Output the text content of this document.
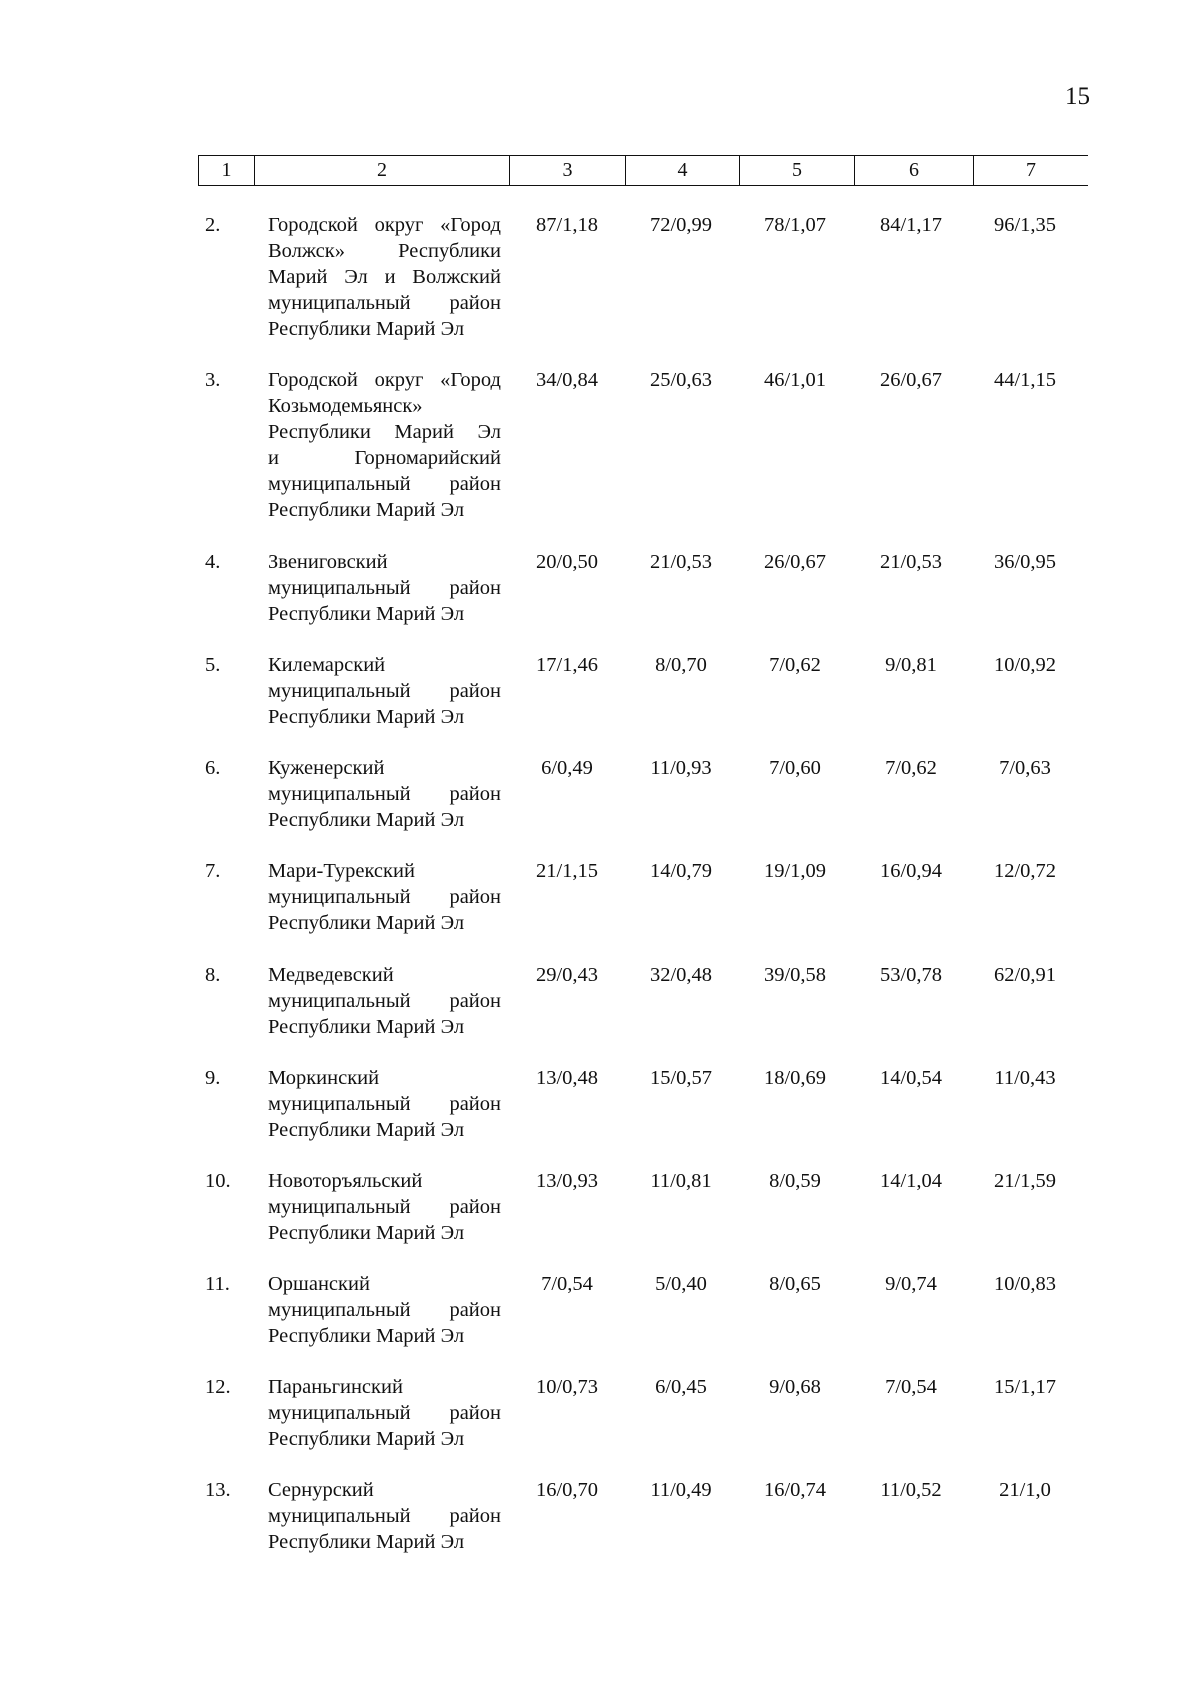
15
1	2	3	4	5	6	7
2.	Городской округ «Город
Волжск» Республики
Марий Эл и Волжский
муниципальный район
Республики Марий Эл
87/1,18	72/0,99	78/1,07	84/1,17	96/1,35
3.	Городской округ «Город
Козьмодемьянск»
Республики Марий Эл
и Горномарийский
муниципальный район
Республики Марий Эл
34/0,84	25/0,63	46/1,01	26/0,67	44/1,15
4.	Звениговский
муниципальный район
Республики Марий Эл
20/0,50	21/0,53	26/0,67	21/0,53	36/0,95
5.	Килемарский
муниципальный район
Республики Марий Эл
17/1,46	8/0,70	7/0,62	9/0,81	10/0,92
6.	Куженерский
муниципальный район
Республики Марий Эл
6/0,49	11/0,93	7/0,60	7/0,62	7/0,63
7.	Мари-Турекский
муниципальный район
Республики Марий Эл
21/1,15	14/0,79	19/1,09	16/0,94	12/0,72
8.	Медведевский
муниципальный район
Республики Марий Эл
29/0,43	32/0,48	39/0,58	53/0,78	62/0,91
9.	Моркинский
муниципальный район
Республики Марий Эл
13/0,48	15/0,57	18/0,69	14/0,54	11/0,43
10.	Новоторъяльский
муниципальный район
Республики Марий Эл
13/0,93	11/0,81	8/0,59	14/1,04	21/1,59
11.	Оршанский
муниципальный район
Республики Марий Эл
7/0,54	5/0,40	8/0,65	9/0,74	10/0,83
12.	Параньгинский
муниципальный район
Республики Марий Эл
10/0,73	6/0,45	9/0,68	7/0,54	15/1,17
13.	Сернурский
муниципальный район
Республики Марий Эл
16/0,70	11/0,49	16/0,74	11/0,52	21/1,0
